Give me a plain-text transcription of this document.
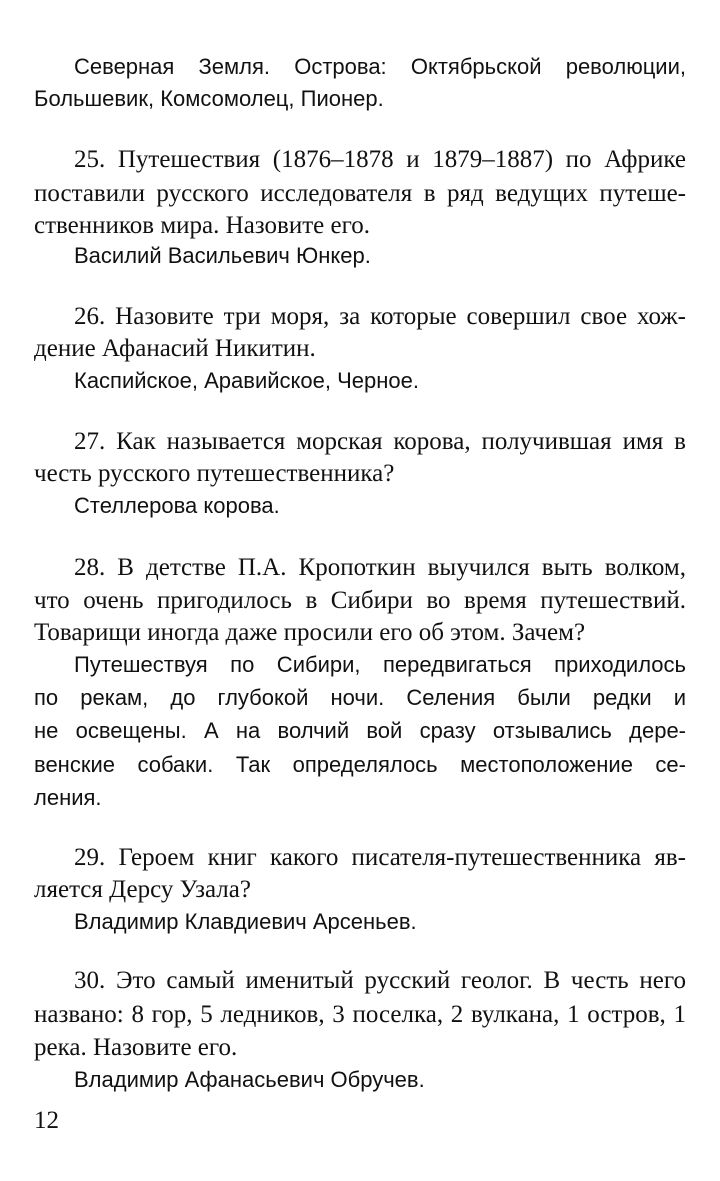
Северная Земля. Острова: Октябрьской революции,
Большевик, Комсомолец, Пионер.
25. Путешествия (1876–1878 и 1879–1887) по Африке
поставили русского исследователя в ряд ведущих путеше-
ственников мира. Назовите его.
Василий Васильевич Юнкер.
26. Назовите три моря, за которые совершил свое хож-
дение Афанасий Никитин.
Каспийское, Аравийское, Черное.
27. Как называется морская корова, получившая имя в
честь русского путешественника?
Стеллерова корова.
28. В детстве П.А. Кропоткин выучился выть волком,
что очень пригодилось в Сибири во время путешествий.
Товарищи иногда даже просили его об этом. Зачем?
Путешествуя по Сибири, передвигаться приходилось
по рекам, до глубокой ночи. Селения были редки и
не освещены. А на волчий вой сразу отзывались дере-
венские собаки. Так определялось местоположение се-
ления.
29. Героем книг какого писателя-путешественника яв-
ляется Дерсу Узала?
Владимир Клавдиевич Арсеньев.
30. Это самый именитый русский геолог. В честь него
названо: 8 гор, 5 ледников, 3 поселка, 2 вулкана, 1 остров, 1
река. Назовите его.
Владимир Афанасьевич Обручев.
12
